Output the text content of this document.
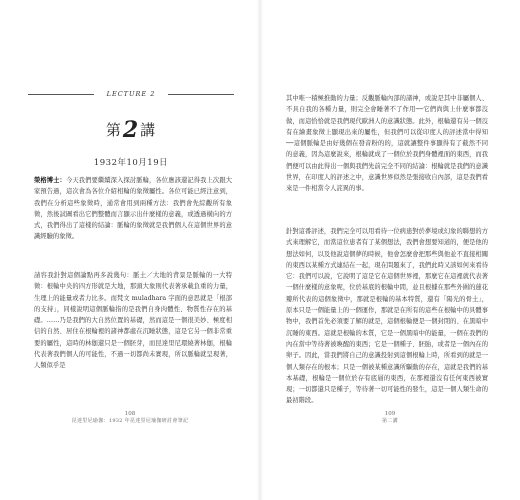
LECTURE 2
第2講
1932年10月19日

榮格博士：今天我們要繼續深入探討脈輪，各位應該還記得我上次跟大家預告過，這次會為各位介紹相輪的象徵屬性。各位可能已經注意到，我們在分析這些象徵時，通常會用到兩種方法：我們會先綜觀所有象徵，然後試圖看出它們整體而言顯示出什麼樣的意義，或透過橫向的方式，我們得出了這樣的結論：脈輪的象徵就是我們個人在這個世界的意識經驗的象徵。

請容我針對這個論點再多說幾句：脈土／大地的背景是脈輪的一大特徵：根輪中央的四方形就是大地，那頭大象則代表著承載負重的力量，生理上的能量或者力比多。而梵文 muladhara 字面的意思就是「根部的支持」，同樣說明這個脈輪指的是我們自身肉體性、物質性存在的基礎。……乃是我們的大自然位置的基礎，然而這是一個很美妙、極度相信的自然、居住在根輪裡的諸神都處在沉睡狀態，這是它另一個非常重要的屬性，這時的林伽還只是一個胚芽，而昆達里尼環繞著林伽，根輪代表著我們個人的可能性，不過一切都尚未實現，所以脈輪就呈現著，人類似乎是

108
昆達里尼瑜伽：1932 年昆達里尼瑜伽研討會筆記

其中唯一積極推動的力量；反觀脈輪內部的諸神，或說是其中非屬個人、不具自我的各種力量，則完全會睡著不了作用──它們尚與上什麼事都沒做，而這恰恰就是我們現代歐洲人的意識狀態。此外，根輪還有另一個沒有在繪畫象徵上顯現出來的屬性，但我們可以從印度人的評述當中得知──這個脈輪是由好幾個在發音粉的的，這就讓整件事顯得有了截然不同的意義，因為這麼說來，根輪就成了一個位於我們身體裡面的東西，而我們便可以由此得出一個與我們先前完全不同的結論：根輪就是我們的意識世界，在印度人的評述之中，意識世界似然是張接收自內部，這是我們看來是一件相當令人詫異的事。

針對這番評述，我們完全可以用看待一位病患對於夢境或幻象的聯想的方式來理解它，而當這位患者有了某個想法，我們會想要知道的，便是他的想法如何，以及他說這個夢的時候，他會怎麼會把那些與他並不直接相關的東西以某種方式連結在一起，現在問題來了，我們此時又該如何來看待它：我們可以說，它說明了這是它在這個世界裡，那麼它在這裡就代表著一個什麼樣的意象呢，位於基底的根輪中間，並且根據在那些外圍的蓮花瓣所代表的這個象徵中，那就是根輪的基本特質，還有「陽光的骨土」，原本只是一個能量上的一個運作，那就是在所有的這些在根輪中的具體事物中，我們首先必須要了解的就是，這個根輪便是一個封閉的、在黑暗中沉睡的東西。這就是根輪的本質，它是一個黑暗中的能量，一個在我們的內在當中等待著被喚醒的東西；它是一個種子、胚胎，或者是一個內在的卵子。因此，當我們將自己的意識投射到這個根輪上時，所看到的就是一個人類存在的根本；只是一個被某種意識所驅動的存在，這就是我們的基本基礎，根輪是一個位於存有底層的東西，在那裡還沒有任何東西被實現；一切都還只是種子，等待著一切可能性的發生，這是一個人類生命的最初階段。

109
第二講
